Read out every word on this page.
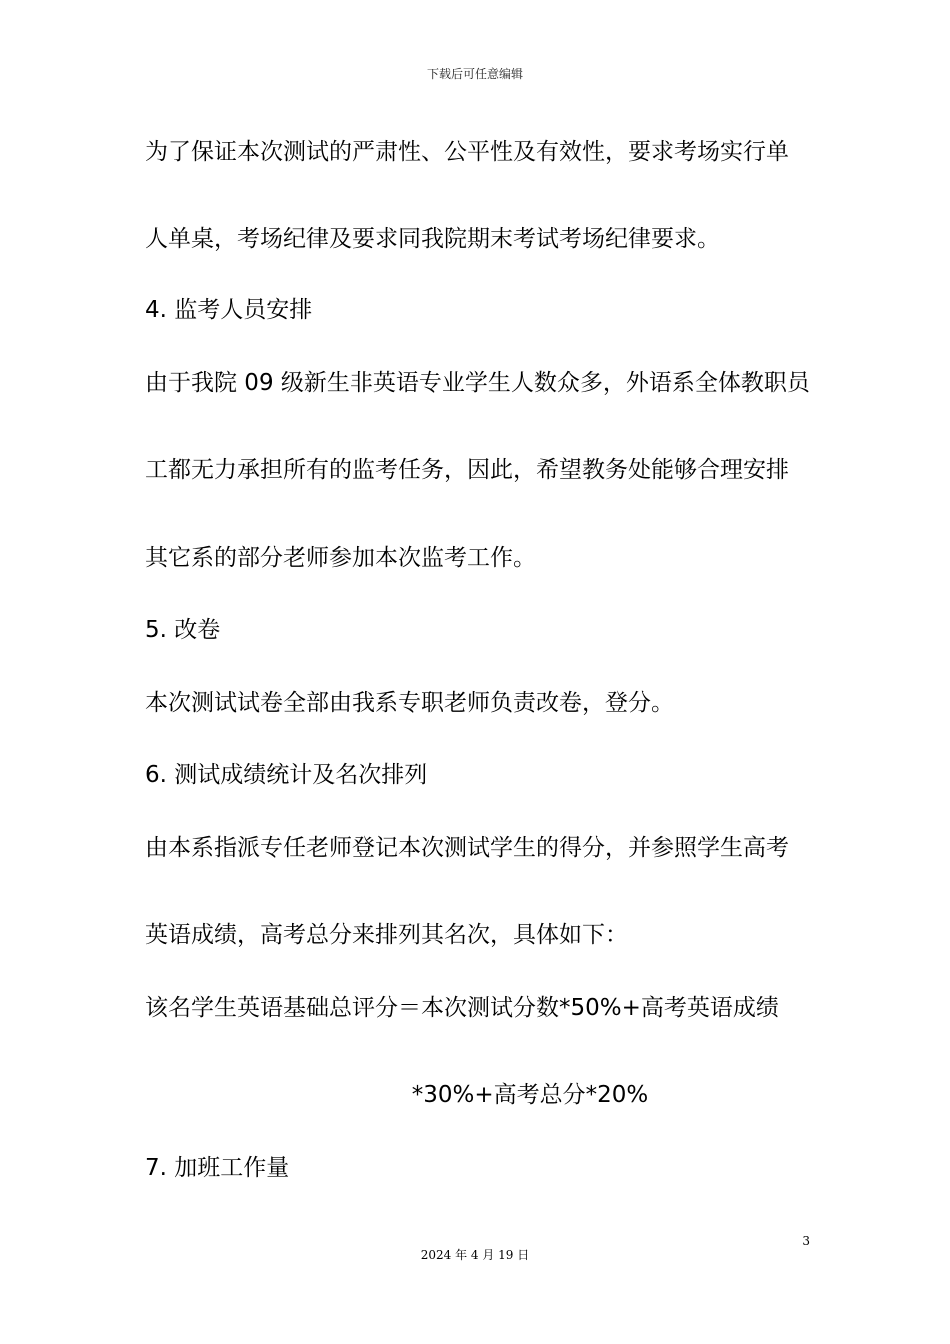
下载后可任意编辑
为了保证本次测试的严肃性、公平性及有效性，要求考场实行单
人单桌，考场纪律及要求同我院期末考试考场纪律要求。
4. 监考人员安排
由于我院 09 级新生非英语专业学生人数众多，外语系全体教职员
工都无力承担所有的监考任务，因此，希望教务处能够合理安排
其它系的部分老师参加本次监考工作。
5. 改卷
本次测试试卷全部由我系专职老师负责改卷，登分。
6. 测试成绩统计及名次排列
由本系指派专任老师登记本次测试学生的得分，并参照学生高考
英语成绩，高考总分来排列其名次，具体如下：
该名学生英语基础总评分＝本次测试分数*50%+高考英语成绩
*30%+高考总分*20%
7. 加班工作量
3
2024 年 4 月 19 日
